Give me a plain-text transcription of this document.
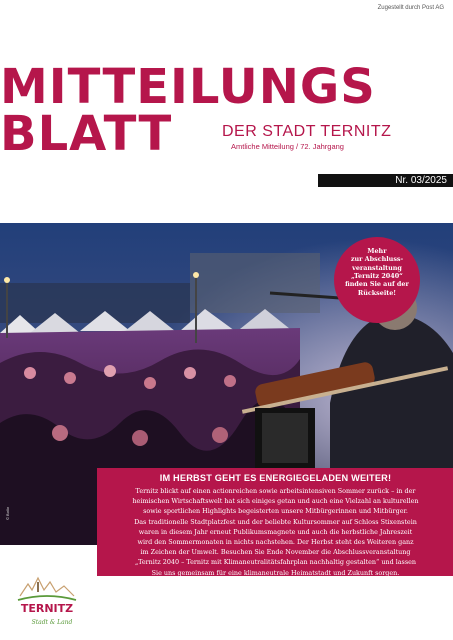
Zugestellt durch Post AG
MITTEILUNGS
BLATT	DER STADT TERNITZ
Amtliche Mitteilung / 72. Jahrgang
Nr. 03/2025
Mehr
zur Abschluss-
veranstaltung
„Ternitz 2040“
finden Sie auf der
Rückseite!
© Bollo
IM HERBST GEHT ES ENERGIEGELADEN WEITER!
Ternitz blickt auf einen actionreichen sowie arbeitsintensiven Sommer zurück – in der
heimischen Wirtschaftswelt hat sich einiges getan und auch eine Vielzahl an kulturellen
sowie sportlichen Highlights begeisterten unsere Mitbürgerinnen und Mitbürger.
Das traditionelle Stadtplatzfest und der beliebte Kultursommer auf Schloss Stixenstein
waren in diesem Jahr erneut Publikumsmagnete und auch die herbstliche Jahreszeit
wird den Sommermonaten in nichts nachstehen. Der Herbst steht des Weiteren ganz
im Zeichen der Umwelt. Besuchen Sie Ende November die Abschlussveranstaltung
„Ternitz 2040 – Ternitz mit Klimaneutralitätsfahrplan nachhaltig gestalten“ und lassen
Sie uns gemeinsam für eine klimaneutrale Heimatstadt und Zukunft sorgen.
TERNITZ
Stadt & Land
